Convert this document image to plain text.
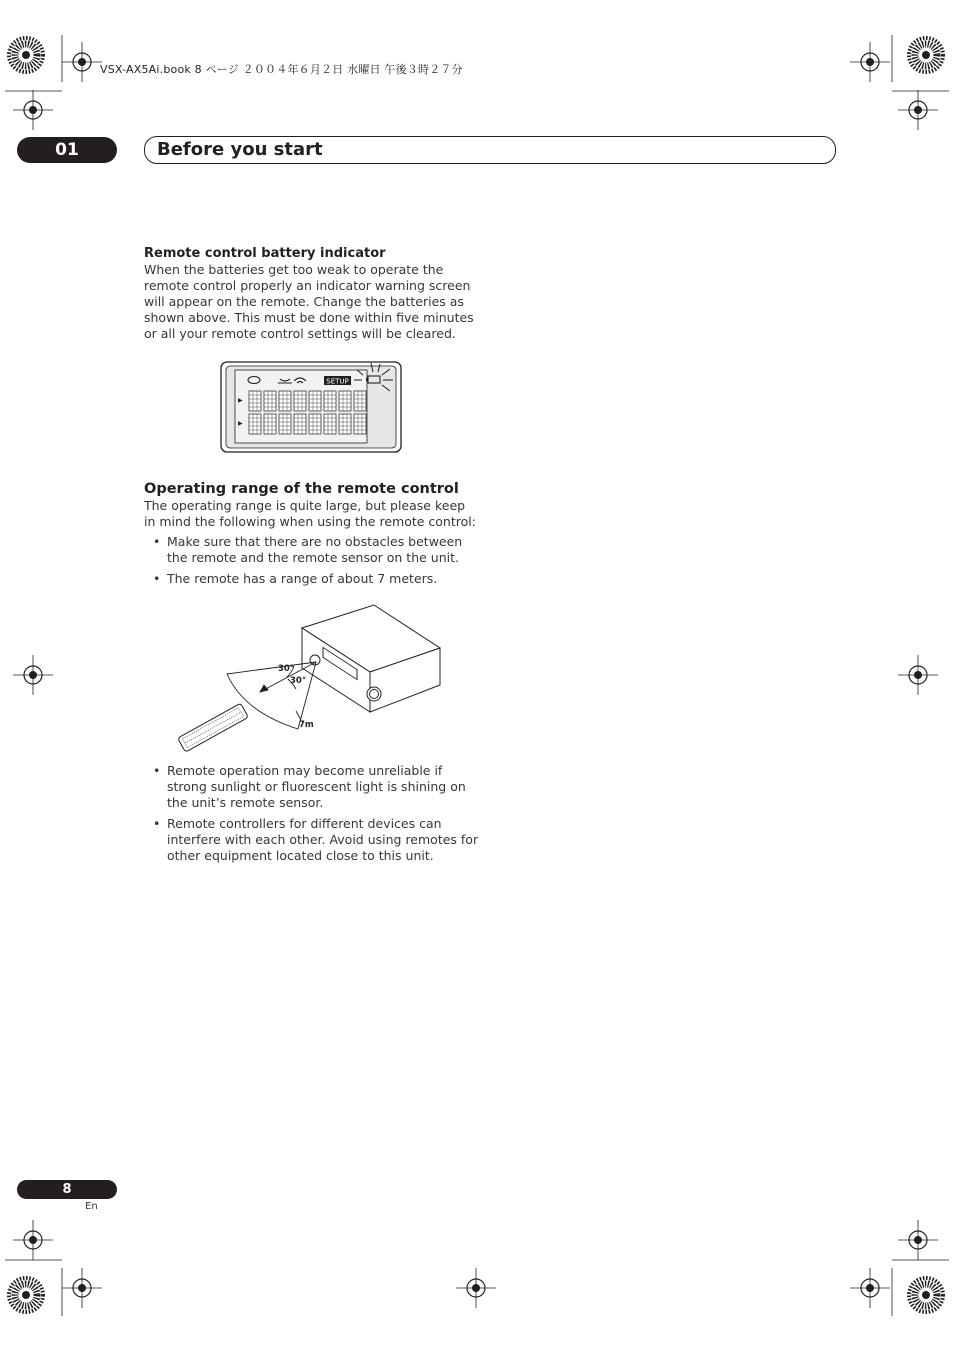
VSX-AX5Ai.book 8 ページ ２００４年６月２日 水曜日 午後３時２７分
01	Before you start
Remote control battery indicator

When the batteries get too weak to operate the remote control properly an indicator warning screen will appear on the remote. Change the batteries as shown above. This must be done within five minutes or all your remote control settings will be cleared.

SETUP
▶
▶
Operating range of the remote control

The operating range is quite large, but please keep in mind the following when using the remote control:

• Make sure that there are no obstacles between the remote and the remote sensor on the unit.
• The remote has a range of about 7 meters.
30°
30°
7m
• Remote operation may become unreliable if strong sunlight or fluorescent light is shining on the unit’s remote sensor.
• Remote controllers for different devices can interfere with each other. Avoid using remotes for other equipment located close to this unit.
8
En
